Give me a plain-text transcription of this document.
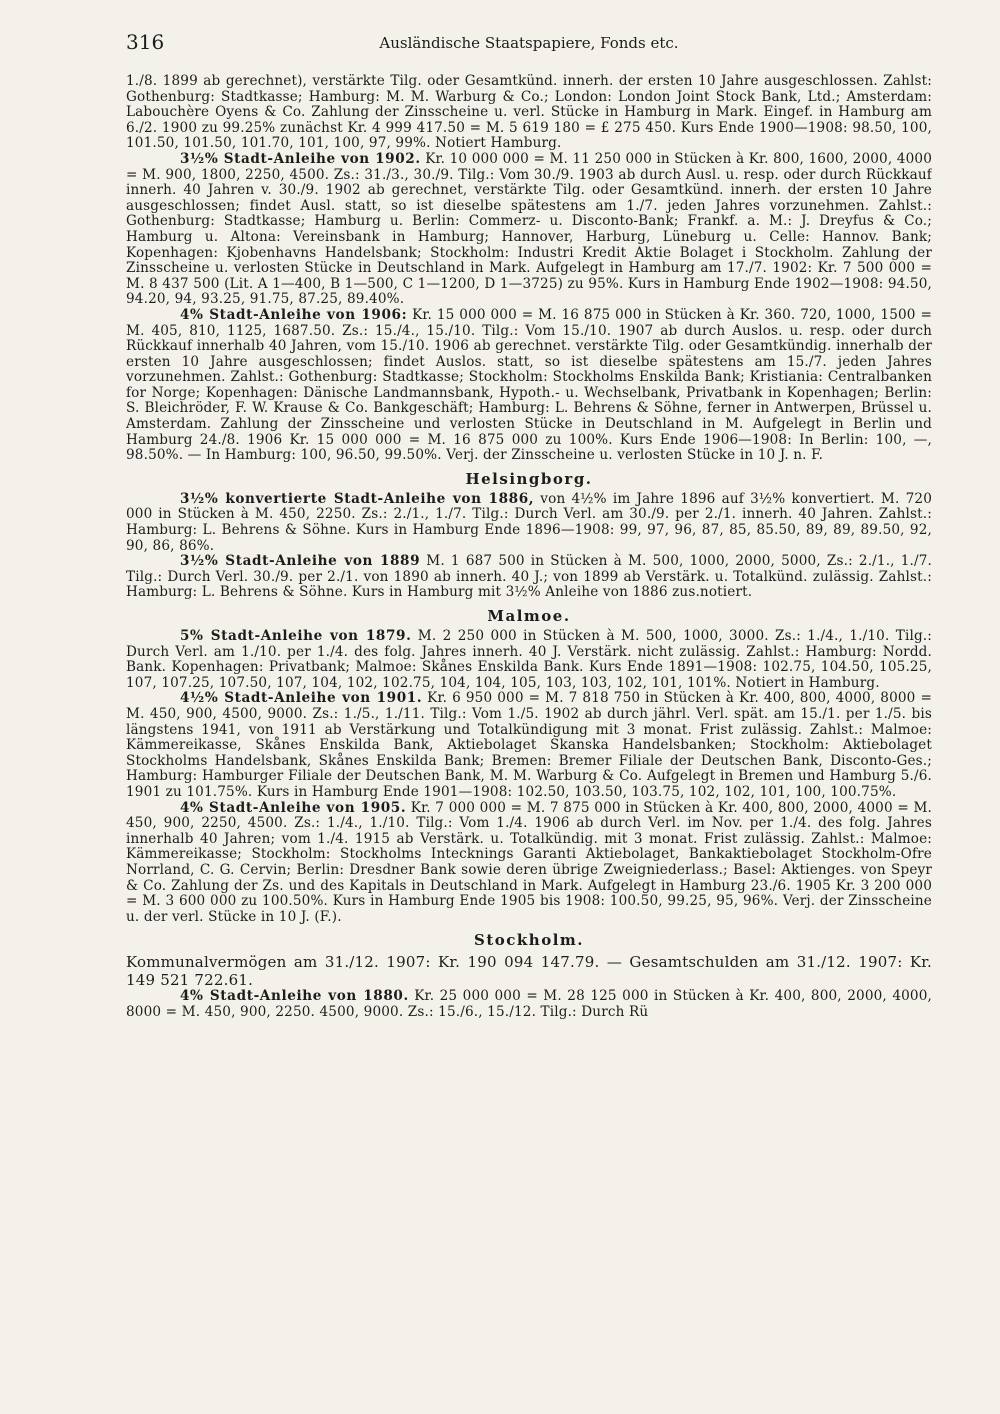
316	Ausländische Staatspapiere, Fonds etc.

1./8. 1899 ab gerechnet), verstärkte Tilg. oder Gesamtkünd. innerh. der ersten 10 Jahre ausgeschlossen. Zahlst: Gothenburg: Stadtkasse; Hamburg: M. M. Warburg & Co.; London: London Joint Stock Bank, Ltd.; Amsterdam: Labouchère Oyens & Co. Zahlung der Zinsscheine u. verl. Stücke in Hamburg in Mark. Eingef. in Hamburg am 6./2. 1900 zu 99.25% zunächst Kr. 4 999 417.50 = M. 5 619 180 = £ 275 450. Kurs Ende 1900—1908: 98.50, 100, 101.50, 101.50, 101.70, 101, 100, 97, 99%. Notiert Hamburg.

3½% Stadt-Anleihe von 1902. Kr. 10 000 000 = M. 11 250 000 in Stücken à Kr. 800, 1600, 2000, 4000 = M. 900, 1800, 2250, 4500. Zs.: 31./3., 30./9. Tilg.: Vom 30./9. 1903 ab durch Ausl. u. resp. oder durch Rückkauf innerh. 40 Jahren v. 30./9. 1902 ab gerechnet, verstärkte Tilg. oder Gesamtkünd. innerh. der ersten 10 Jahre ausgeschlossen; findet Ausl. statt, so ist dieselbe spätestens am 1./7. jeden Jahres vorzunehmen. Zahlst.: Gothenburg: Stadtkasse; Hamburg u. Berlin: Commerz- u. Disconto-Bank; Frankf. a. M.: J. Dreyfus & Co.; Hamburg u. Altona: Vereinsbank in Hamburg; Hannover, Harburg, Lüneburg u. Celle: Hannov. Bank; Kopenhagen: Kjobenhavns Handelsbank; Stockholm: Industri Kredit Aktie Bolaget i Stockholm. Zahlung der Zinsscheine u. verlosten Stücke in Deutschland in Mark. Aufgelegt in Hamburg am 17./7. 1902: Kr. 7 500 000 = M. 8 437 500 (Lit. A 1—400, B 1—500, C 1—1200, D 1—3725) zu 95%. Kurs in Hamburg Ende 1902—1908: 94.50, 94.20, 94, 93.25, 91.75, 87.25, 89.40%.

4% Stadt-Anleihe von 1906: Kr. 15 000 000 = M. 16 875 000 in Stücken à Kr. 360. 720, 1000, 1500 = M. 405, 810, 1125, 1687.50. Zs.: 15./4., 15./10. Tilg.: Vom 15./10. 1907 ab durch Auslos. u. resp. oder durch Rückkauf innerhalb 40 Jahren, vom 15./10. 1906 ab gerechnet. verstärkte Tilg. oder Gesamtkündig. innerhalb der ersten 10 Jahre ausgeschlossen; findet Auslos. statt, so ist dieselbe spätestens am 15./7. jeden Jahres vorzunehmen. Zahlst.: Gothenburg: Stadtkasse; Stockholm: Stockholms Enskilda Bank; Kristiania: Centralbanken for Norge; Kopenhagen: Dänische Landmannsbank, Hypoth.- u. Wechselbank, Privatbank in Kopenhagen; Berlin: S. Bleichröder, F. W. Krause & Co. Bankgeschäft; Hamburg: L. Behrens & Söhne, ferner in Antwerpen, Brüssel u. Amsterdam. Zahlung der Zinsscheine und verlosten Stücke in Deutschland in M. Aufgelegt in Berlin und Hamburg 24./8. 1906 Kr. 15 000 000 = M. 16 875 000 zu 100%. Kurs Ende 1906—1908: In Berlin: 100, —, 98.50%. — In Hamburg: 100, 96.50, 99.50%. Verj. der Zinsscheine u. verlosten Stücke in 10 J. n. F.

Helsingborg.

3½% konvertierte Stadt-Anleihe von 1886, von 4½% im Jahre 1896 auf 3½% konvertiert. M. 720 000 in Stücken à M. 450, 2250. Zs.: 2./1., 1./7. Tilg.: Durch Verl. am 30./9. per 2./1. innerh. 40 Jahren. Zahlst.: Hamburg: L. Behrens & Söhne. Kurs in Hamburg Ende 1896—1908: 99, 97, 96, 87, 85, 85.50, 89, 89, 89.50, 92, 90, 86, 86%.

3½% Stadt-Anleihe von 1889 M. 1 687 500 in Stücken à M. 500, 1000, 2000, 5000, Zs.: 2./1., 1./7. Tilg.: Durch Verl. 30./9. per 2./1. von 1890 ab innerh. 40 J.; von 1899 ab Verstärk. u. Totalkünd. zulässig. Zahlst.: Hamburg: L. Behrens & Söhne. Kurs in Hamburg mit 3½% Anleihe von 1886 zus.notiert.

Malmoe.

5% Stadt-Anleihe von 1879. M. 2 250 000 in Stücken à M. 500, 1000, 3000. Zs.: 1./4., 1./10. Tilg.: Durch Verl. am 1./10. per 1./4. des folg. Jahres innerh. 40 J. Verstärk. nicht zulässig. Zahlst.: Hamburg: Nordd. Bank. Kopenhagen: Privatbank; Malmoe: Skånes Enskilda Bank. Kurs Ende 1891—1908: 102.75, 104.50, 105.25, 107, 107.25, 107.50, 107, 104, 102, 102.75, 104, 104, 105, 103, 103, 102, 101, 101%. Notiert in Hamburg.

4½% Stadt-Anleihe von 1901. Kr. 6 950 000 = M. 7 818 750 in Stücken à Kr. 400, 800, 4000, 8000 = M. 450, 900, 4500, 9000. Zs.: 1./5., 1./11. Tilg.: Vom 1./5. 1902 ab durch jährl. Verl. spät. am 15./1. per 1./5. bis längstens 1941, von 1911 ab Verstärkung und Totalkündigung mit 3 monat. Frist zulässig. Zahlst.: Malmoe: Kämmereikasse, Skånes Enskilda Bank, Aktiebolaget Skanska Handelsbanken; Stockholm: Aktiebolaget Stockholms Handelsbank, Skånes Enskilda Bank; Bremen: Bremer Filiale der Deutschen Bank, Disconto-Ges.; Hamburg: Hamburger Filiale der Deutschen Bank, M. M. Warburg & Co. Aufgelegt in Bremen und Hamburg 5./6. 1901 zu 101.75%. Kurs in Hamburg Ende 1901—1908: 102.50, 103.50, 103.75, 102, 102, 101, 100, 100.75%.

4% Stadt-Anleihe von 1905. Kr. 7 000 000 = M. 7 875 000 in Stücken à Kr. 400, 800, 2000, 4000 = M. 450, 900, 2250, 4500. Zs.: 1./4., 1./10. Tilg.: Vom 1./4. 1906 ab durch Verl. im Nov. per 1./4. des folg. Jahres innerhalb 40 Jahren; vom 1./4. 1915 ab Verstärk. u. Totalkündig. mit 3 monat. Frist zulässig. Zahlst.: Malmoe: Kämmereikasse; Stockholm: Stockholms Intecknings Garanti Aktiebolaget, Bankaktiebolaget Stockholm-Ofre Norrland, C. G. Cervin; Berlin: Dresdner Bank sowie deren übrige Zweigniederlass.; Basel: Aktienges. von Speyr & Co. Zahlung der Zs. und des Kapitals in Deutschland in Mark. Aufgelegt in Hamburg 23./6. 1905 Kr. 3 200 000 = M. 3 600 000 zu 100.50%. Kurs in Hamburg Ende 1905 bis 1908: 100.50, 99.25, 95, 96%. Verj. der Zinsscheine u. der verl. Stücke in 10 J. (F.).

Stockholm.

Kommunalvermögen am 31./12. 1907: Kr. 190 094 147.79. — Gesamtschulden am 31./12. 1907: Kr. 149 521 722.61.

4% Stadt-Anleihe von 1880. Kr. 25 000 000 = M. 28 125 000 in Stücken à Kr. 400, 800, 2000, 4000, 8000 = M. 450, 900, 2250. 4500, 9000. Zs.: 15./6., 15./12. Tilg.: Durch Rü
